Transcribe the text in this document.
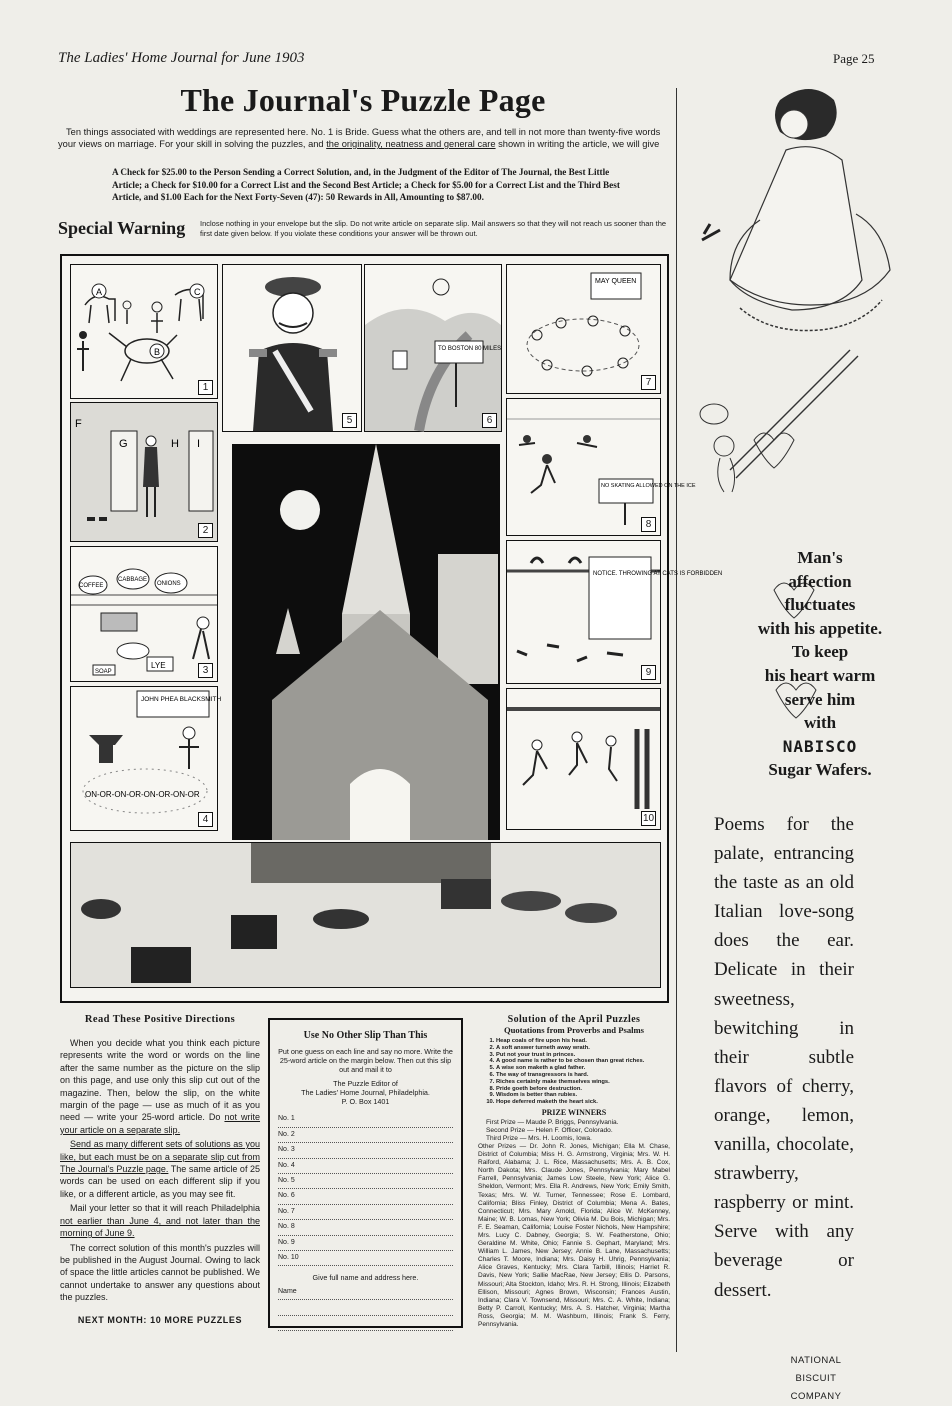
The Ladies' Home Journal for June 1903	Page 25
The Journal's Puzzle Page
Ten things associated with weddings are represented here. No. 1 is Bride. Guess what the others are, and tell in not more than twenty-five words your views on marriage. For your skill in solving the puzzles, and the originality, neatness and general care shown in writing the article, we will give
A Check for $25.00 to the Person Sending a Correct Solution, and, in the Judgment of the Editor of The Journal, the Best Little Article; a Check for $10.00 for a Correct List and the Second Best Article; a Check for $5.00 for a Correct List and the Third Best Article, and $1.00 Each for the Next Forty-Seven (47): 50 Rewards in All, Amounting to $87.00.
Special Warning Inclose nothing in your envelope but the slip. Do not write article on separate slip. Mail answers so that they will not reach us sooner than the first date given below. If you violate these conditions your answer will be thrown out.
A
B
C
1
5
TO BOSTON 80 MILES
6
MAY QUEEN
7
F
G	H I
2
NO SKATING ALLOWED ON THE ICE
8
COFFEE
CABBAGE
ONIONS
LYE
SOAP	3
NOTICE. THROWING AT CATS IS FORBIDDEN
9
JOHN PHEA BLACKSMITH
ON-OR-ON-OR-ON-OR-ON-OR
4	10
Read These Positive Directions

When you decide what you think each picture represents write the word or words on the line after the same number as the picture on the slip on this page, and use only this slip cut out of the magazine. Then, below the slip, on the white margin of the page — use as much of it as you need — write your 25-word article. Do not write your article on a separate slip.

Send as many different sets of solutions as you like, but each must be on a separate slip cut from The Journal's Puzzle page. The same article of 25 words can be used on each different slip if you like, or a different article, as you may see fit.

Mail your letter so that it will reach Philadelphia not earlier than June 4, and not later than the morning of June 9.

The correct solution of this month's puzzles will be published in the August Journal. Owing to lack of space the little articles cannot be published. We cannot undertake to answer any questions about the puzzles.

NEXT MONTH: 10 MORE PUZZLES

Use No Other Slip Than This
Put one guess on each line and say no more. Write the 25-word article on the margin below. Then cut this slip out and mail it to
The Puzzle Editor of
The Ladies' Home Journal, Philadelphia.
P. O. Box 1401
No. 1
No. 2
No. 3
No. 4
No. 5
No. 6
No. 7
No. 8
No. 9
No. 10
Give full name and address here.
Name
Solution of the April Puzzles
Quotations from Proverbs and Psalms
1. Heap coals of fire upon his head.
2. A soft answer turneth away wrath.
3. Put not your trust in princes.
4. A good name is rather to be chosen than great riches.
5. A wise son maketh a glad father.
6. The way of transgressors is hard.
7. Riches certainly make themselves wings.
8. Pride goeth before destruction.
9. Wisdom is better than rubies.
10. Hope deferred maketh the heart sick.
PRIZE WINNERS
First Prize — Maude P. Briggs, Pennsylvania.
Second Prize — Helen F. Officer, Colorado.
Third Prize — Mrs. H. Loomis, Iowa.
Other Prizes — Dr. John R. Jones, Michigan; Ella M. Chase, District of Columbia; Miss H. G. Armstrong, Virginia; Mrs. W. H. Raiford, Alabama; J. L. Rice, Massachusetts; Mrs. A. B. Cox, North Dakota; Mrs. Claude Jones, Pennsylvania; Mary Mabel Farrell, Pennsylvania; James Low Steele, New York; Alice G. Sheldon, Vermont; Mrs. Ella R. Andrews, New York; Emily Smith, Texas; Mrs. W. W. Turner, Tennessee; Rose E. Lombard, California; Bliss Finley, District of Columbia; Mena A. Bates, Connecticut; Mrs. Mary Arnold, Florida; Alice W. McKenney, Maine; W. B. Lomas, New York; Olivia M. Du Bois, Michigan; Mrs. F. E. Seaman, California; Louise Foster Nichols, New Hampshire; Mrs. Lucy C. Dabney, Georgia; S. W. Featherstone, Ohio; Geraldine M. White, Ohio; Fannie S. Gephart, Maryland; Mrs. William L. James, New Jersey; Annie B. Lane, Massachusetts; Charles T. Moore, Indiana; Mrs. Daisy H. Uhrig, Pennsylvania; Alice Graves, Kentucky; Mrs. Clara Tarbill, Illinois; Harriet R. Davis, New York; Sallie MacRae, New Jersey; Ellis D. Parsons, Missouri; Alta Stockton, Idaho; Mrs. R. H. Strong, Illinois; Elizabeth Ellison, Missouri; Agnes Brown, Wisconsin; Frances Austin, Indiana; Clara V. Townsend, Missouri; Mrs. C. A. White, Indiana; Betty P. Carroll, Kentucky; Mrs. A. S. Hatcher, Virginia; Martha Ross, Georgia; M. M. Washburn, Illinois; Frank S. Ferry, Pennsylvania.
Man's
affection
fluctuates
with his appetite.
To keep
his heart warm
serve him
with
NABISCO
Sugar Wafers.
Poems for the palate, entrancing the taste as an old Italian love-song does the ear. Delicate in their sweetness, bewitching in their subtle flavors of cherry, orange, lemon, vanilla, chocolate, strawberry, raspberry or mint. Serve with any beverage or dessert.
NATIONAL
BISCUIT
COMPANY
